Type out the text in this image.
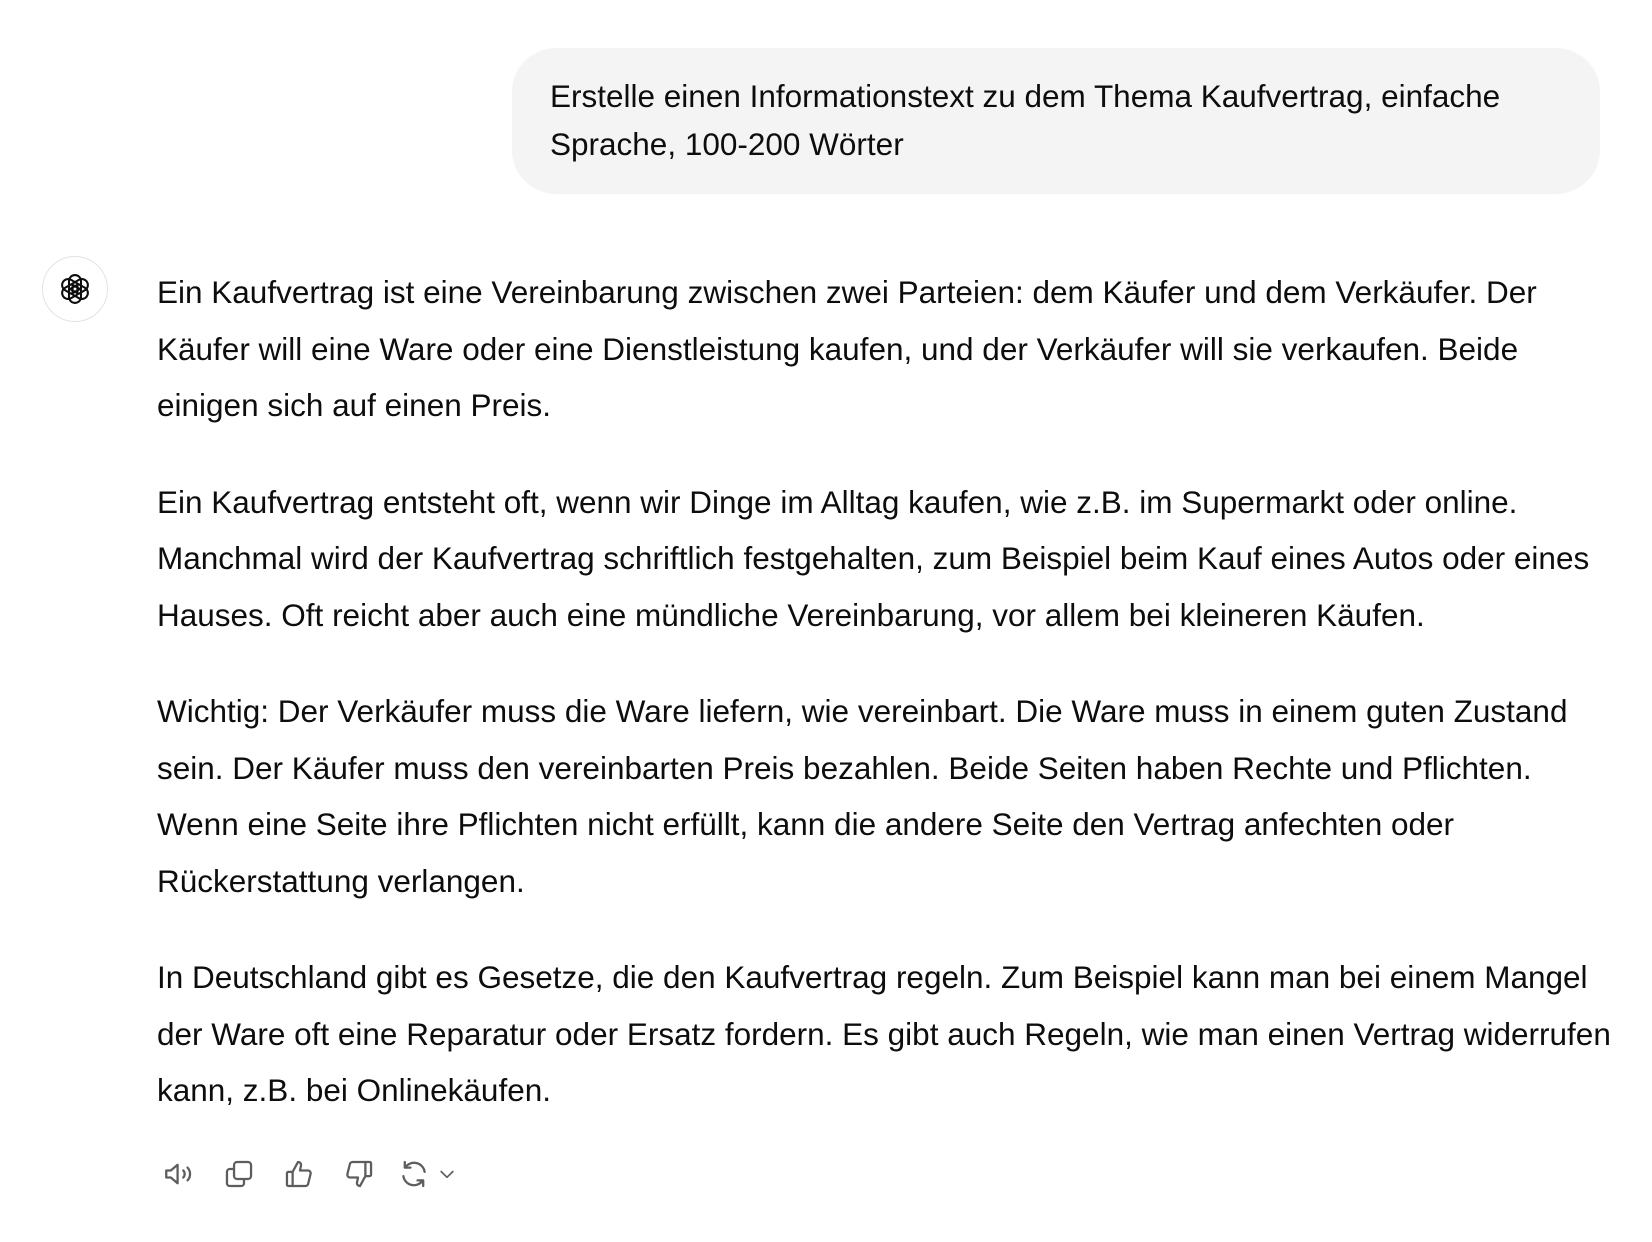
Erstelle einen Informationstext zu dem Thema Kaufvertrag, einfache Sprache, 100-200 Wörter

Ein Kaufvertrag ist eine Vereinbarung zwischen zwei Parteien: dem Käufer und dem Verkäufer. Der Käufer will eine Ware oder eine Dienstleistung kaufen, und der Verkäufer will sie verkaufen. Beide einigen sich auf einen Preis.

Ein Kaufvertrag entsteht oft, wenn wir Dinge im Alltag kaufen, wie z.B. im Supermarkt oder online. Manchmal wird der Kaufvertrag schriftlich festgehalten, zum Beispiel beim Kauf eines Autos oder eines Hauses. Oft reicht aber auch eine mündliche Vereinbarung, vor allem bei kleineren Käufen.

Wichtig: Der Verkäufer muss die Ware liefern, wie vereinbart. Die Ware muss in einem guten Zustand sein. Der Käufer muss den vereinbarten Preis bezahlen. Beide Seiten haben Rechte und Pflichten. Wenn eine Seite ihre Pflichten nicht erfüllt, kann die andere Seite den Vertrag anfechten oder Rückerstattung verlangen.

In Deutschland gibt es Gesetze, die den Kaufvertrag regeln. Zum Beispiel kann man bei einem Mangel der Ware oft eine Reparatur oder Ersatz fordern. Es gibt auch Regeln, wie man einen Vertrag widerrufen kann, z.B. bei Onlinekäufen.
